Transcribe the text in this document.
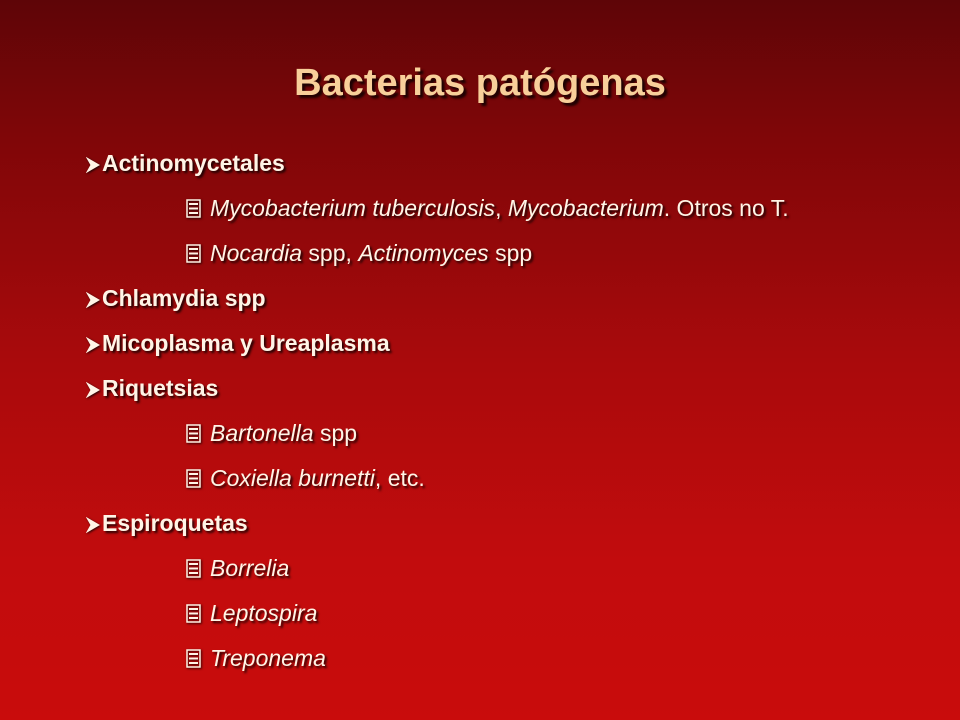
Bacterias patógenas
Actinomycetales
Mycobacterium tuberculosis, Mycobacterium. Otros no T.
Nocardia spp, Actinomyces spp
Chlamydia spp
Micoplasma y Ureaplasma
Riquetsias
Bartonella spp
Coxiella burnetti, etc.
Espiroquetas
Borrelia
Leptospira
Treponema
